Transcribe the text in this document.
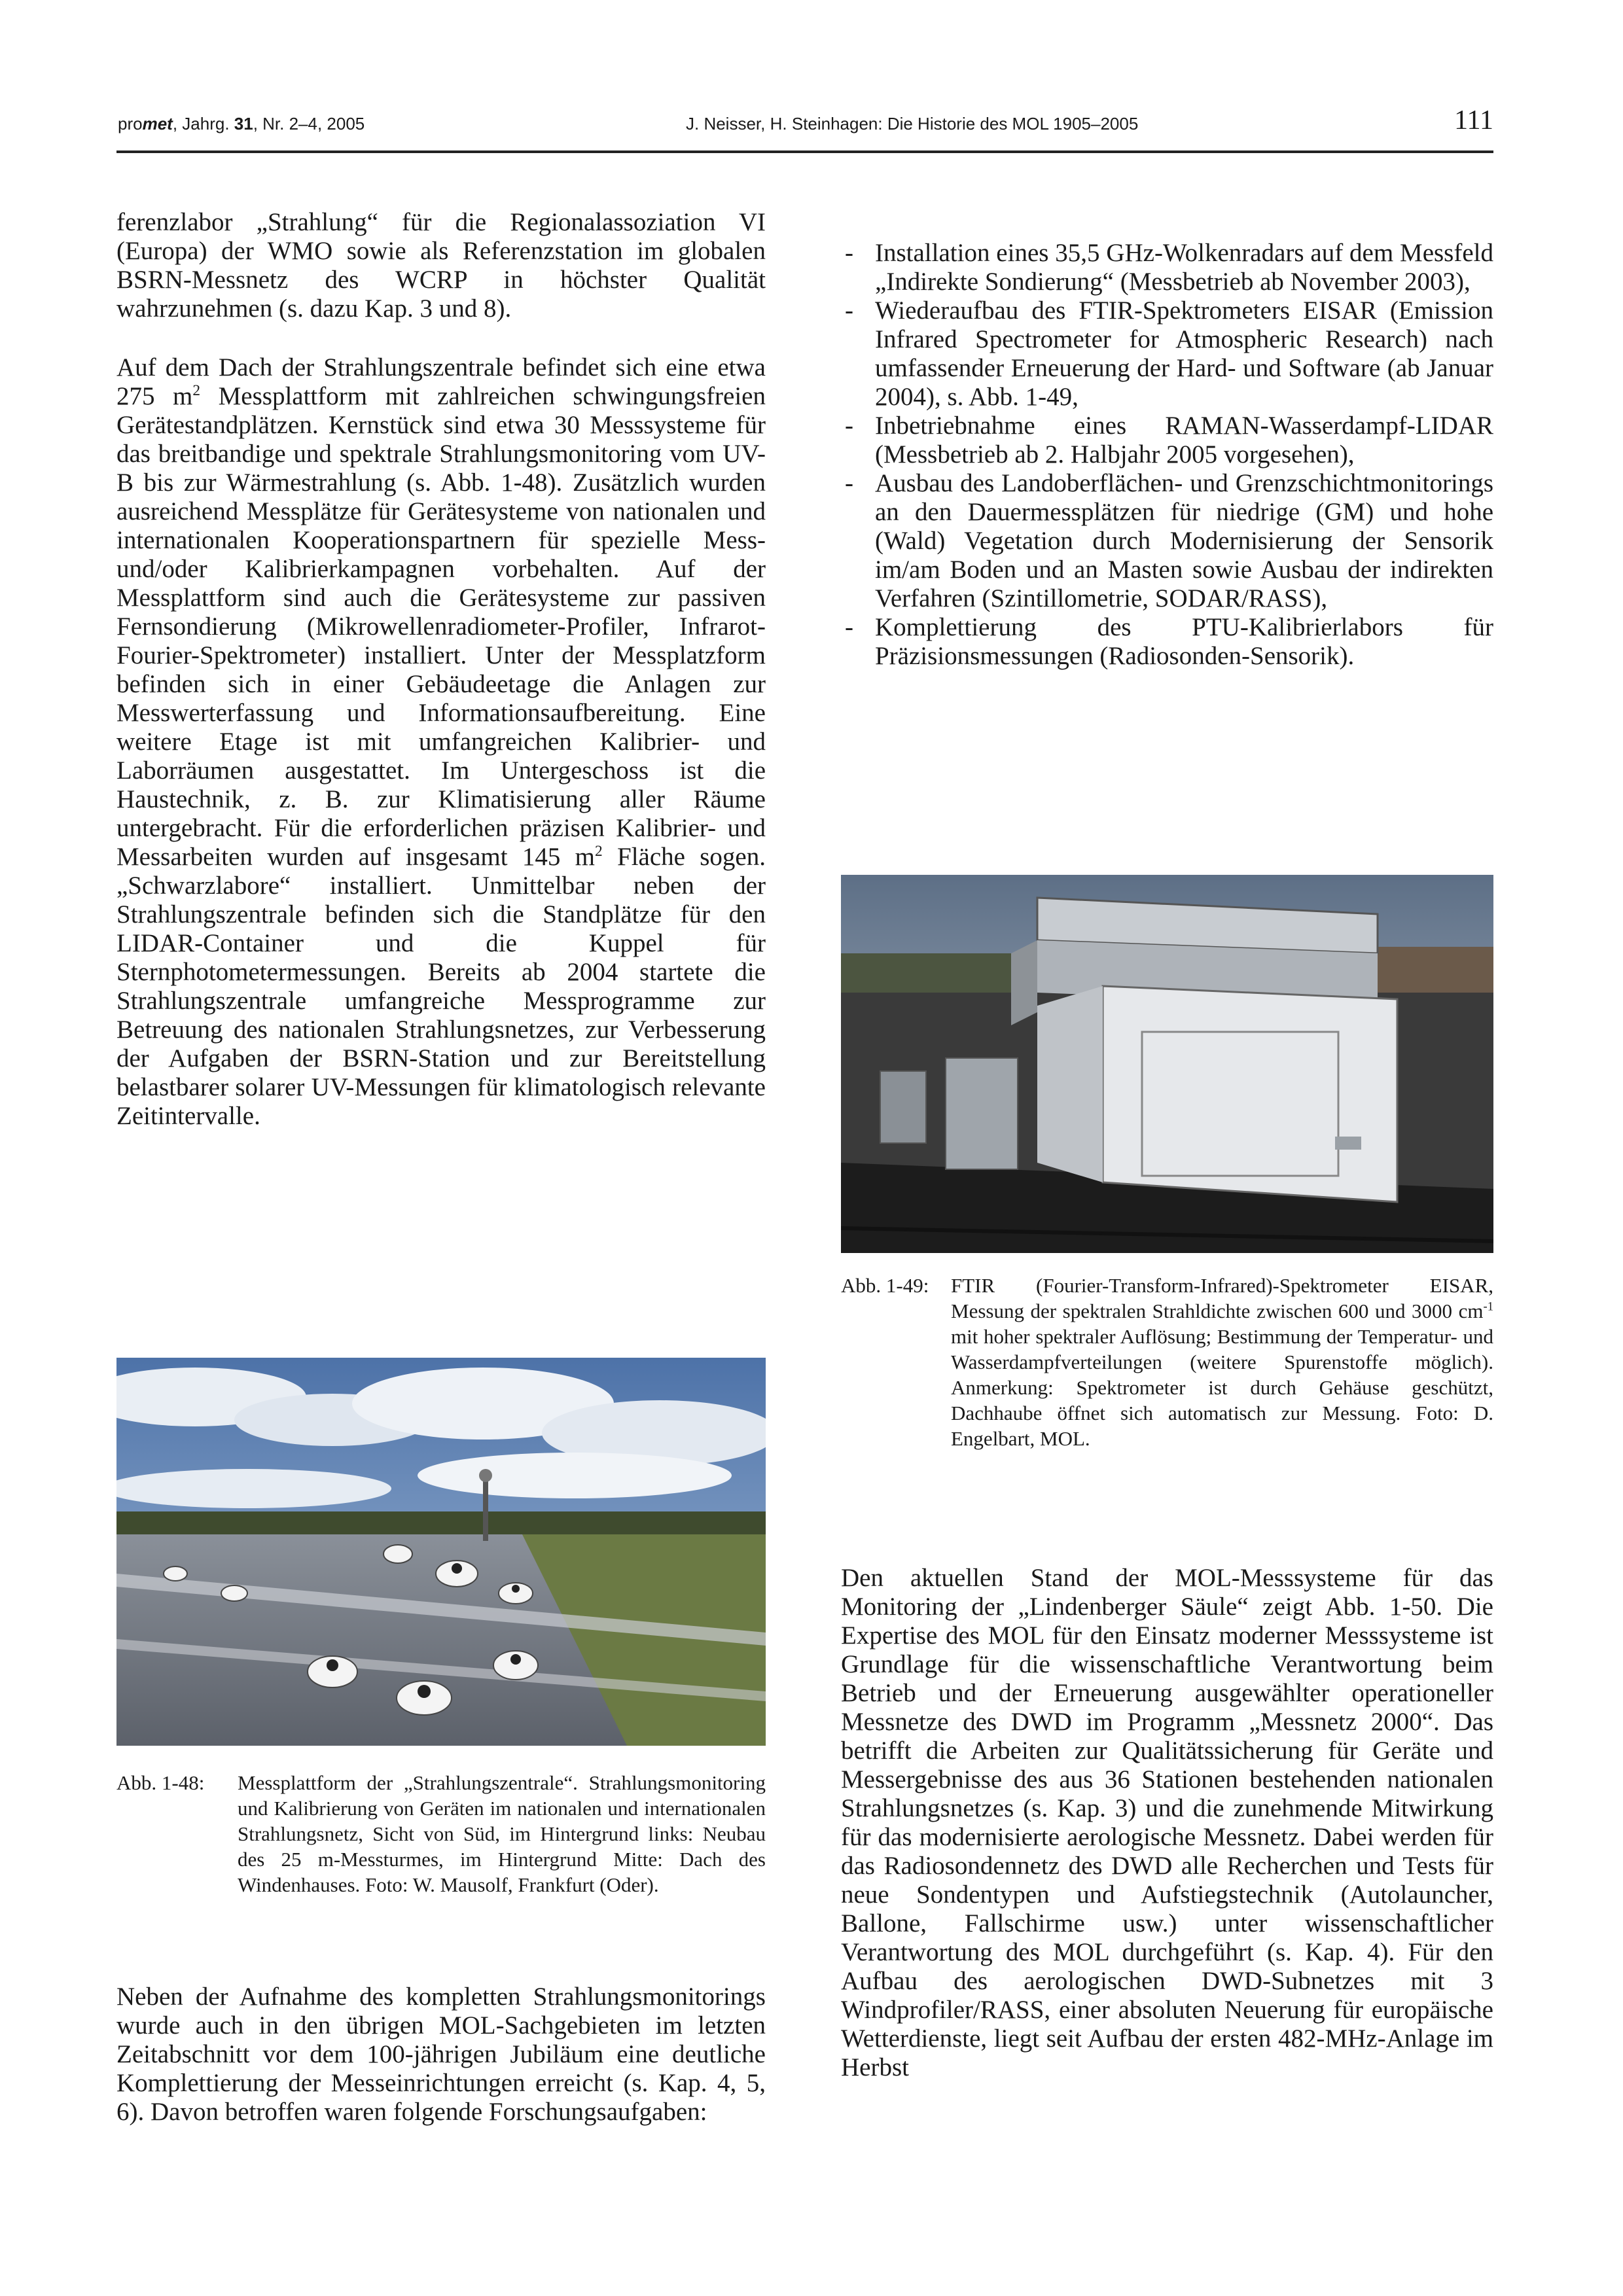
promet, Jahrg. 31, Nr. 2–4, 2005	J. Neisser, H. Steinhagen: Die Historie des MOL 1905–2005	111

ferenzlabor „Strahlung“ für die Regionalassoziation VI (Europa) der WMO sowie als Referenzstation im globalen BSRN-Messnetz des WCRP in höchster Qualität wahrzunehmen (s. dazu Kap. 3 und 8).

Auf dem Dach der Strahlungszentrale befindet sich eine etwa 275 $m^2$ Messplattform mit zahlreichen schwingungsfreien Gerätestandplätzen. Kernstück sind etwa 30 Messsysteme für das breitbandige und spektrale Strahlungsmonitoring vom UV-B bis zur Wärmestrahlung (s. Abb. 1-48). Zusätzlich wurden ausreichend Messplätze für Gerätesysteme von nationalen und internationalen Kooperationspartnern für spezielle Mess- und/oder Kalibrierkampagnen vorbehalten. Auf der Messplattform sind auch die Gerätesysteme zur passiven Fernsondierung (Mikrowellenradiometer-Profiler, Infrarot-Fourier-Spektrometer) installiert. Unter der Messplatzform befinden sich in einer Gebäudeetage die Anlagen zur Messwerterfassung und Informationsaufbereitung. Eine weitere Etage ist mit umfangreichen Kalibrier- und Laborräumen ausgestattet. Im Untergeschoss ist die Haustechnik, z. B. zur Klimatisierung aller Räume untergebracht. Für die erforderlichen präzisen Kalibrier- und Messarbeiten wurden auf insgesamt 145 $m^2$ Fläche sogen. „Schwarzlabore“ installiert. Unmittelbar neben der Strahlungszentrale befinden sich die Standplätze für den LIDAR-Container und die Kuppel für Sternphotometermessungen. Bereits ab 2004 startete die Strahlungszentrale umfangreiche Messprogramme zur Betreuung des nationalen Strahlungsnetzes, zur Verbesserung der Aufgaben der BSRN-Station und zur Bereitstellung belastbarer solarer UV-Messungen für klimatologisch relevante Zeitintervalle.

Abb. 1-48:	Messplattform der „Strahlungszentrale“. Strahlungsmonitoring und Kalibrierung von Geräten im nationalen und internationalen Strahlungsnetz, Sicht von Süd, im Hintergrund links: Neubau des 25 m-Messturmes, im Hintergrund Mitte: Dach des Windenhauses. Foto: W. Mausolf, Frankfurt (Oder).

Neben der Aufnahme des kompletten Strahlungsmonitorings wurde auch in den übrigen MOL-Sachgebieten im letzten Zeitabschnitt vor dem 100-jährigen Jubiläum eine deutliche Komplettierung der Messeinrichtungen erreicht (s. Kap. 4, 5, 6). Davon betroffen waren folgende Forschungsaufgaben:

- Installation eines 35,5 GHz-Wolkenradars auf dem Messfeld „Indirekte Sondierung“ (Messbetrieb ab November 2003),
- Wiederaufbau des FTIR-Spektrometers EISAR (Emission Infrared Spectrometer for Atmospheric Research) nach umfassender Erneuerung der Hard- und Software (ab Januar 2004), s. Abb. 1-49,
- Inbetriebnahme eines RAMAN-Wasserdampf-LIDAR (Messbetrieb ab 2. Halbjahr 2005 vorgesehen),
- Ausbau des Landoberflächen- und Grenzschichtmonitorings an den Dauermessplätzen für niedrige (GM) und hohe (Wald) Vegetation durch Modernisierung der Sensorik im/am Boden und an Masten sowie Ausbau der indirekten Verfahren (Szintillometrie, SODAR/RASS),
- Komplettierung des PTU-Kalibrierlabors für Präzisionsmessungen (Radiosonden-Sensorik).
Abb. 1-49:	FTIR (Fourier-Transform-Infrared)-Spektrometer EISAR, Messung der spektralen Strahldichte zwischen 600 und 3000 $cm^{-1}$ mit hoher spektraler Auflösung; Bestimmung der Temperatur- und Wasserdampfverteilungen (weitere Spurenstoffe möglich). Anmerkung: Spektrometer ist durch Gehäuse geschützt, Dachhaube öffnet sich automatisch zur Messung. Foto: D. Engelbart, MOL.

Den aktuellen Stand der MOL-Messsysteme für das Monitoring der „Lindenberger Säule“ zeigt Abb. 1-50. Die Expertise des MOL für den Einsatz moderner Messsysteme ist Grundlage für die wissenschaftliche Verantwortung beim Betrieb und der Erneuerung ausgewählter operationeller Messnetze des DWD im Programm „Messnetz 2000“. Das betrifft die Arbeiten zur Qualitätssicherung für Geräte und Messergebnisse des aus 36 Stationen bestehenden nationalen Strahlungsnetzes (s. Kap. 3) und die zunehmende Mitwirkung für das modernisierte aerologische Messnetz. Dabei werden für das Radiosondennetz des DWD alle Recherchen und Tests für neue Sondentypen und Aufstiegstechnik (Autolauncher, Ballone, Fallschirme usw.) unter wissenschaftlicher Verantwortung des MOL durchgeführt (s. Kap. 4). Für den Aufbau des aerologischen DWD-Subnetzes mit 3 Windprofiler/RASS, einer absoluten Neuerung für europäische Wetterdienste, liegt seit Aufbau der ersten 482-MHz-Anlage im Herbst
